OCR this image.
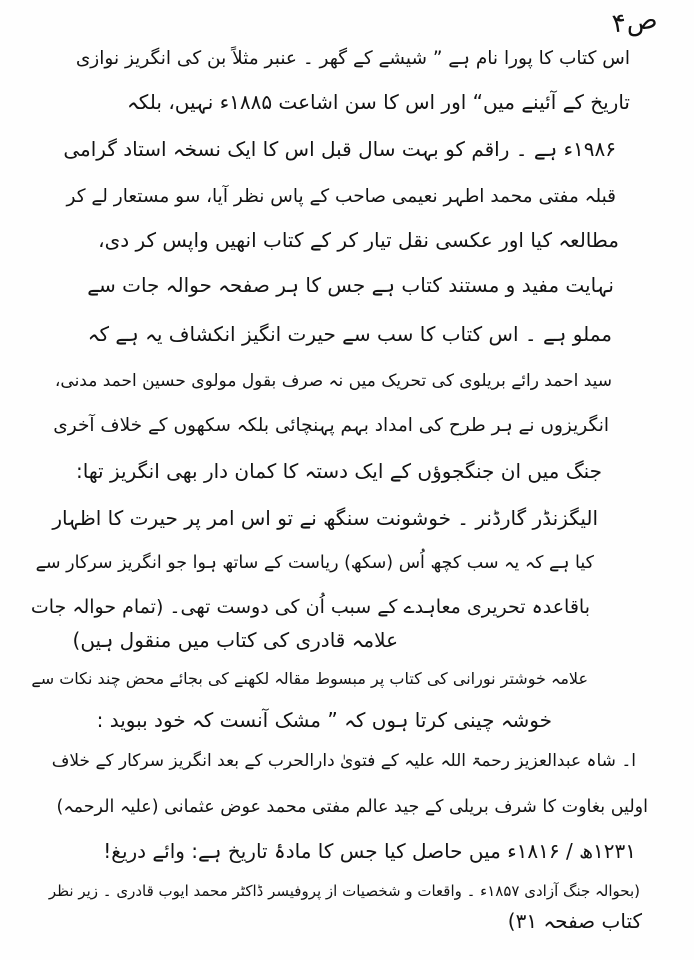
ص۴
اس کتاب کا پورا نام ہے ” شیشے کے گھر ۔ عنبر مثلاً بن کی انگریز نوازی
تاریخ کے آئینے میں“ اور اس کا سن اشاعت ۱۸۸۵ء نہیں، بلکہ
۱۹۸۶ء ہے ۔ راقم کو بہت سال قبل اس کا ایک نسخہ استاد گرامی
قبلہ مفتی محمد اطہر نعیمی صاحب کے پاس نظر آیا، سو مستعار لے کر
مطالعہ کیا اور عکسی نقل تیار کر کے کتاب انھیں واپس کر دی،
نہایت مفید و مستند کتاب ہے جس کا ہر صفحہ حوالہ جات سے
مملو ہے ۔ اس کتاب کا سب سے حیرت انگیز انکشاف یہ ہے کہ
سید احمد رائے بریلوی کی تحریک میں نہ صرف بقول مولوی حسین احمد مدنی،
انگریزوں نے ہر طرح کی امداد بہم پہنچائی بلکہ سکھوں کے خلاف آخری
جنگ میں ان جنگجوؤں کے ایک دستہ کا کمان دار بھی انگریز تھا:
الیگزنڈر گارڈنر ۔ خوشونت سنگھ نے تو اس امر پر حیرت کا اظہار
کیا ہے کہ یہ سب کچھ اُس (سکھ) ریاست کے ساتھ ہوا جو انگریز سرکار سے
باقاعدہ تحریری معاہدے کے سبب اُن کی دوست تھی۔ (تمام حوالہ جات
علامہ قادری کی کتاب میں منقول ہیں)
علامہ خوشتر نورانی کی کتاب پر مبسوط مقالہ لکھنے کی بجائے محض چند نکات سے
خوشہ چینی کرتا ہوں کہ ” مشک آنست کہ خود ببوید :
ا۔ شاہ عبدالعزیز رحمۃ اللہ علیہ کے فتویٰ دارالحرب کے بعد انگریز سرکار کے خلاف
اولیں بغاوت کا شرف بریلی کے جید عالم مفتی محمد عوض عثمانی (علیہ الرحمہ)
۱۲۳۱ھ / ۱۸۱۶ء میں حاصل کیا جس کا مادۂ تاریخ ہے: وائے دریغ!
(بحوالہ جنگ آزادی ۱۸۵۷ء ۔ واقعات و شخصیات از پروفیسر ڈاکٹر محمد ایوب قادری ۔ زیر نظر
کتاب صفحہ ۳۱)
